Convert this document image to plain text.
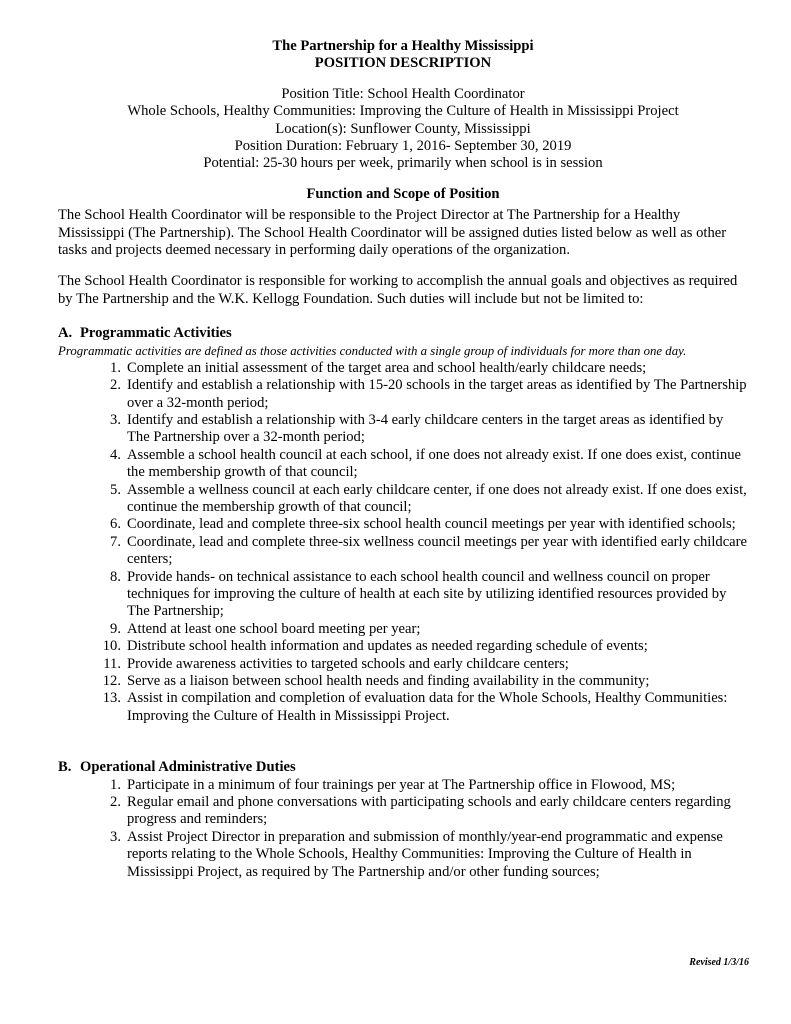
The Partnership for a Healthy Mississippi
POSITION DESCRIPTION
Position Title: School Health Coordinator
Whole Schools, Healthy Communities: Improving the Culture of Health in Mississippi Project
Location(s): Sunflower County, Mississippi
Position Duration: February 1, 2016- September 30, 2019
Potential: 25-30 hours per week, primarily when school is in session
Function and Scope of Position

The School Health Coordinator will be responsible to the Project Director at The Partnership for a Healthy Mississippi (The Partnership). The School Health Coordinator will be assigned duties listed below as well as other tasks and projects deemed necessary in performing daily operations of the organization.

The School Health Coordinator is responsible for working to accomplish the annual goals and objectives as required by The Partnership and the W.K. Kellogg Foundation. Such duties will include but not be limited to:

A. Programmatic Activities
Programmatic activities are defined as those activities conducted with a single group of individuals for more than one day.
1. Complete an initial assessment of the target area and school health/early childcare needs;
2. Identify and establish a relationship with 15-20 schools in the target areas as identified by The Partnership over a 32-month period;
3. Identify and establish a relationship with 3-4 early childcare centers in the target areas as identified by The Partnership over a 32-month period;
4. Assemble a school health council at each school, if one does not already exist. If one does exist, continue the membership growth of that council;
5. Assemble a wellness council at each early childcare center, if one does not already exist. If one does exist, continue the membership growth of that council;
6. Coordinate, lead and complete three-six school health council meetings per year with identified schools;
7. Coordinate, lead and complete three-six wellness council meetings per year with identified early childcare centers;
8. Provide hands- on technical assistance to each school health council and wellness council on proper techniques for improving the culture of health at each site by utilizing identified resources provided by The Partnership;
9. Attend at least one school board meeting per year;
10. Distribute school health information and updates as needed regarding schedule of events;
11. Provide awareness activities to targeted schools and early childcare centers;
12. Serve as a liaison between school health needs and finding availability in the community;
13. Assist in compilation and completion of evaluation data for the Whole Schools, Healthy Communities: Improving the Culture of Health in Mississippi Project.
B. Operational Administrative Duties
1. Participate in a minimum of four trainings per year at The Partnership office in Flowood, MS;
2. Regular email and phone conversations with participating schools and early childcare centers regarding progress and reminders;
3. Assist Project Director in preparation and submission of monthly/year-end programmatic and expense reports relating to the Whole Schools, Healthy Communities: Improving the Culture of Health in Mississippi Project, as required by The Partnership and/or other funding sources;
Revised 1/3/16
